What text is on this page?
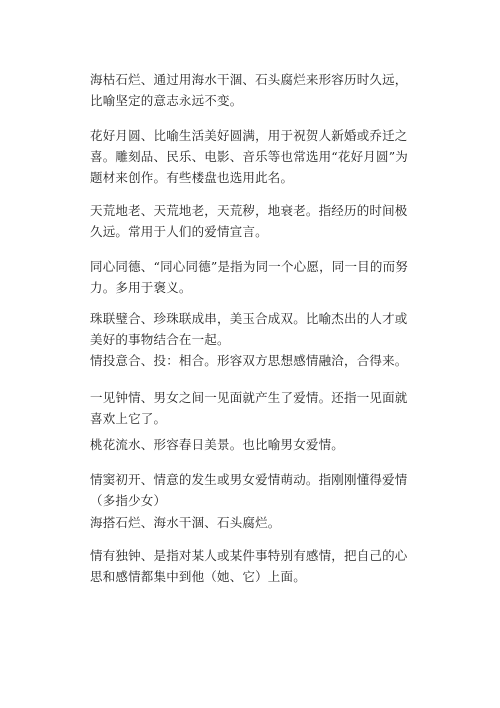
海枯石烂、通过用海水干涸、石头腐烂来形容历时久远，比喻坚定的意志永远不变。

花好月圆、比喻生活美好圆满，用于祝贺人新婚或乔迁之喜。雕刻品、民乐、电影、音乐等也常选用“花好月圆”为题材来创作。有些楼盘也选用此名。

天荒地老、天荒地老，天荒秽，地衰老。指经历的时间极久远。常用于人们的爱情宣言。

同心同德、“同心同德”是指为同一个心愿，同一目的而努力。多用于褒义。

珠联璧合、珍珠联成串，美玉合成双。比喻杰出的人才或美好的事物结合在一起。

情投意合、投：相合。形容双方思想感情融洽，合得来。

一见钟情、男女之间一见面就产生了爱情。还指一见面就喜欢上它了。

桃花流水、形容春日美景。也比喻男女爱情。

情窦初开、情意的发生或男女爱情萌动。指刚刚懂得爱情（多指少女）

海搭石烂、海水干涸、石头腐烂。

情有独钟、是指对某人或某件事特别有感情，把自己的心思和感情都集中到他（她、它）上面。
